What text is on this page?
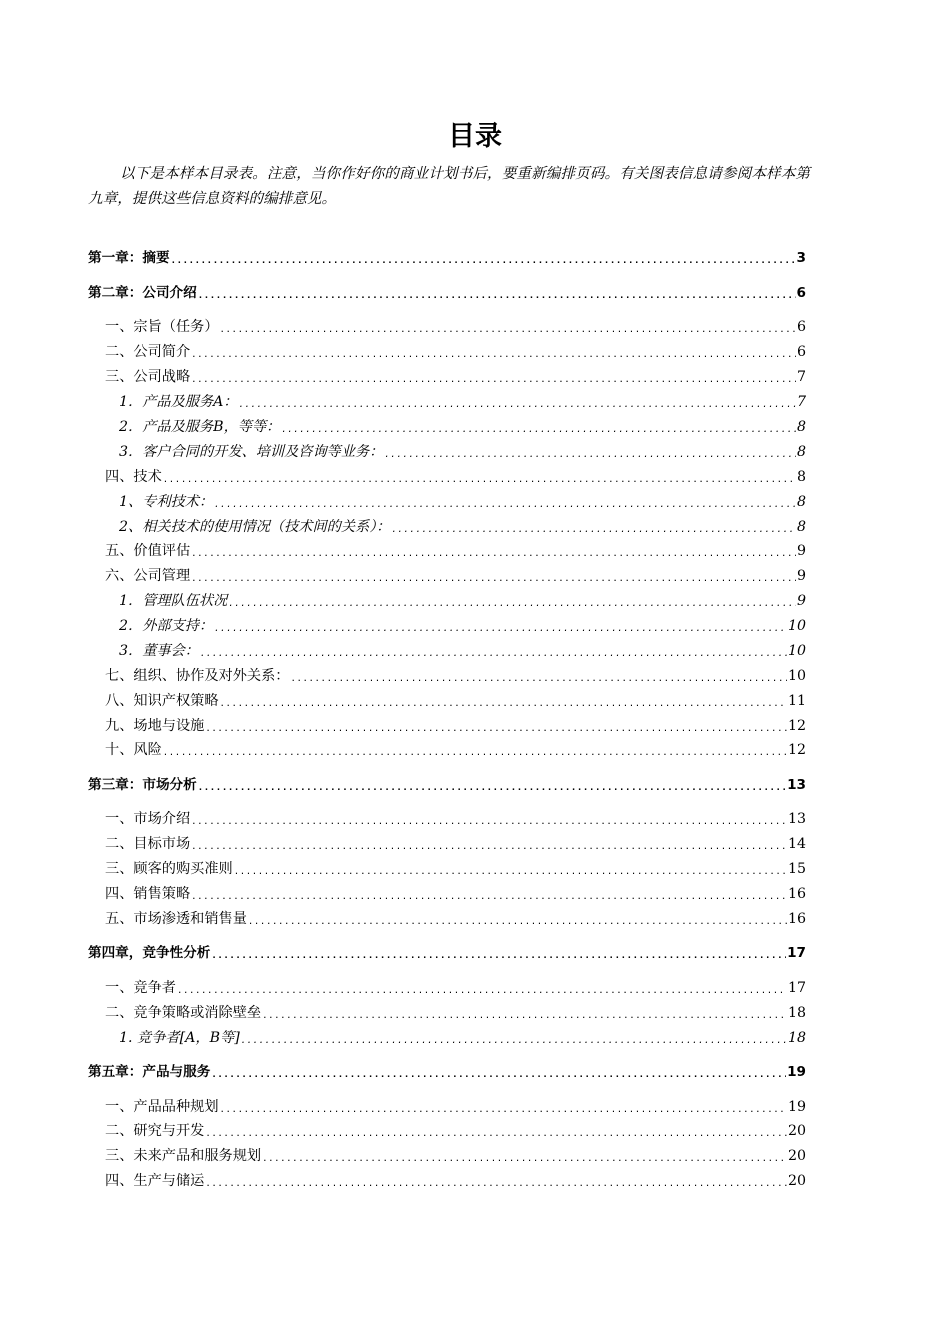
目录
以下是本样本目录表。注意，当你作好你的商业计划书后，要重新编排页码。有关图表信息请参阅本样本第九章，提供这些信息资料的编排意见。
第一章：摘要 .....	3
第二章：公司介绍 .....	6
一、宗旨（任务） .....	6
二、公司简介 .....	6
三、公司战略 .....	7
1．产品及服务A： .....	7
2．产品及服务B，等等： .....	8
3．客户合同的开发、培训及咨询等业务： .....	8
四、技术 .....	8
1、专利技术： .....	8
2、相关技术的使用情况（技术间的关系）： .....	8
五、价值评估 .....	9
六、公司管理 .....	9
1．管理队伍状况 .....	9
2．外部支持： .....	10
3．董事会： .....	10
七、组织、协作及对外关系： .....	10
八、知识产权策略 .....	11
九、场地与设施 .....	12
十、风险 .....	12
第三章：市场分析 .....	13
一、市场介绍 .....	13
二、目标市场 .....	14
三、顾客的购买准则 .....	15
四、销售策略 .....	16
五、市场渗透和销售量 .....	16
第四章，竞争性分析 .....	17
一、竞争者 .....	17
二、竞争策略或消除壁垒 .....	18
1. 竞争者[A，B等] .....	18
第五章：产品与服务 .....	19
一、产品品种规划 .....	19
二、研究与开发 .....	20
三、未来产品和服务规划 .....	20
四、生产与储运 .....	20
